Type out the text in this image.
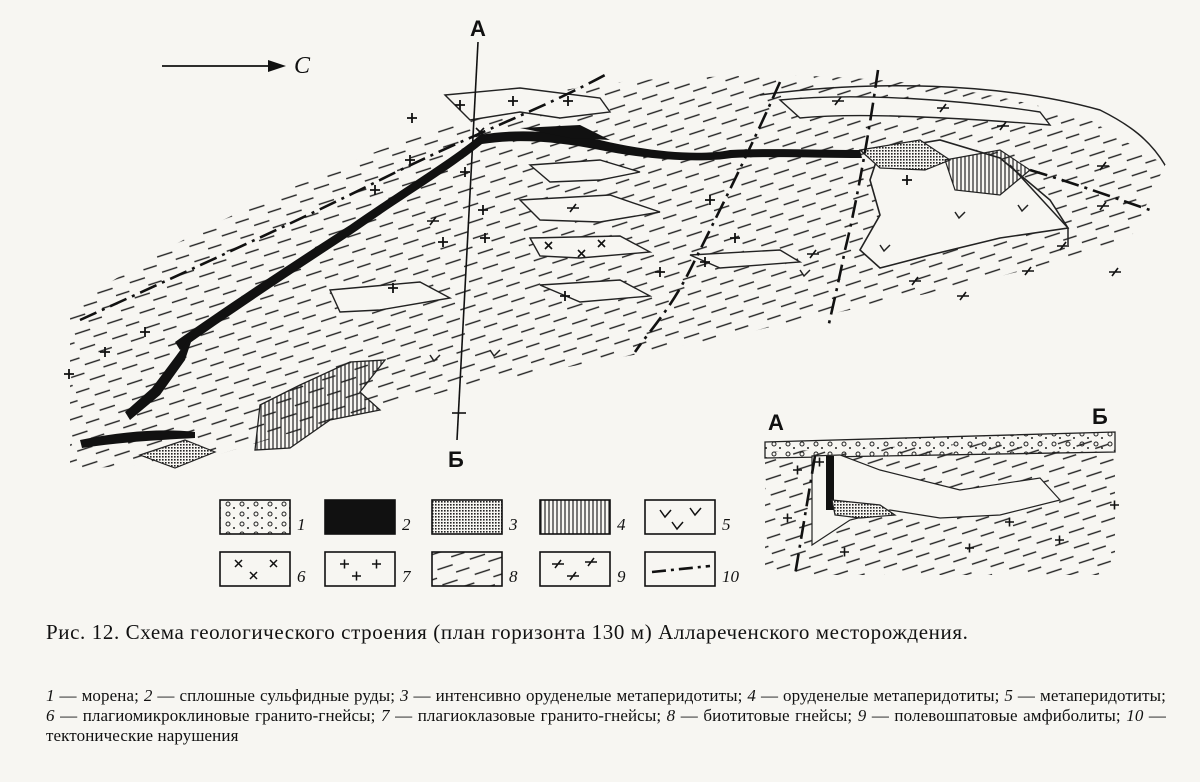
А
Б
С
А	Б
1	2	3	4	5
6	7	8	9	10
Рис. 12. Схема геологического строения (план горизонта 130 м) Аллареченского месторождения.
1 — морена; 2 — сплошные сульфидные руды; 3 — интенсивно оруденелые метаперидотиты; 4 — оруденелые метаперидотиты; 5 — метаперидотиты; 6 — плагиомикроклиновые гранито-гнейсы; 7 — плагиоклазовые гранито-гнейсы; 8 — биотитовые гнейсы; 9 — полевошпатовые амфиболиты; 10 — тектонические нарушения
